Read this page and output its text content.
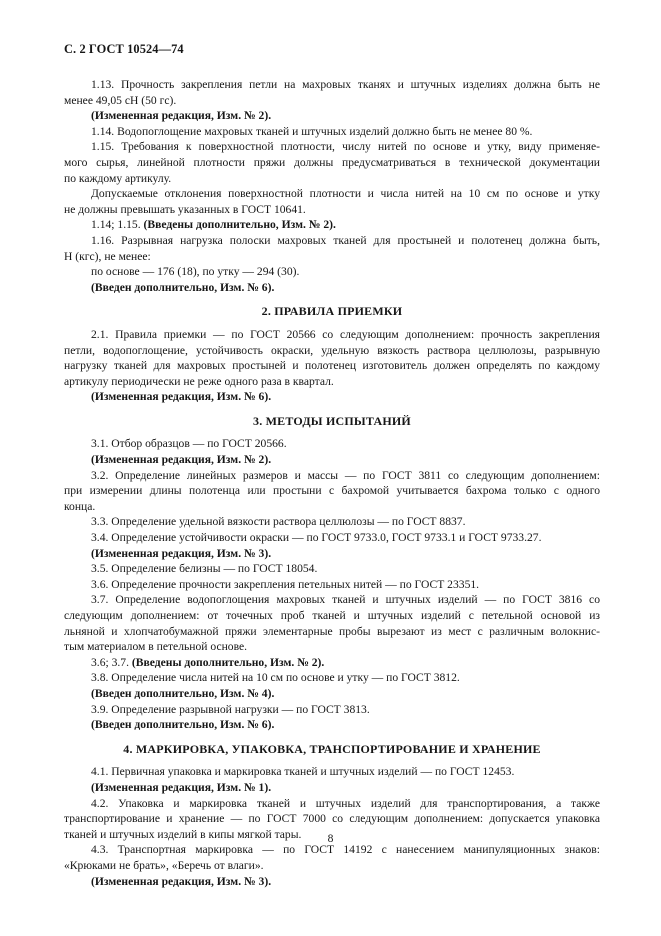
С. 2 ГОСТ 10524—74
1.13. Прочность закрепления петли на махровых тканях и штучных изделиях должна быть не
менее 49,05 сН (50 гс).
(Измененная редакция, Изм. № 2).
1.14. Водопоглощение махровых тканей и штучных изделий должно быть не менее 80 %.
1.15. Требования к поверхностной плотности, числу нитей по основе и утку, виду применяе-
мого сырья, линейной плотности пряжи должны предусматриваться в технической документации
по каждому артикулу.
Допускаемые отклонения поверхностной плотности и числа нитей на 10 см по основе и утку
не должны превышать указанных в ГОСТ 10641.
1.14; 1.15. (Введены дополнительно, Изм. № 2).
1.16. Разрывная нагрузка полоски махровых тканей для простыней и полотенец должна быть,
Н (кгс), не менее:
по основе — 176 (18), по утку — 294 (30).
(Введен дополнительно, Изм. № 6).
2. ПРАВИЛА ПРИЕМКИ
2.1. Правила приемки — по ГОСТ 20566 со следующим дополнением: прочность закрепления
петли, водопоглощение, устойчивость окраски, удельную вязкость раствора целлюлозы, разрывную
нагрузку тканей для махровых простыней и полотенец изготовитель должен определять по каждому
артикулу периодически не реже одного раза в квартал.
(Измененная редакция, Изм. № 6).
3. МЕТОДЫ ИСПЫТАНИЙ
3.1. Отбор образцов — по ГОСТ 20566.
(Измененная редакция, Изм. № 2).
3.2. Определение линейных размеров и массы — по ГОСТ 3811 со следующим дополнением:
при измерении длины полотенца или простыни с бахромой учитывается бахрома только с одного
конца.
3.3. Определение удельной вязкости раствора целлюлозы — по ГОСТ 8837.
3.4. Определение устойчивости окраски — по ГОСТ 9733.0, ГОСТ 9733.1 и ГОСТ 9733.27.
(Измененная редакция, Изм. № 3).
3.5. Определение белизны — по ГОСТ 18054.
3.6. Определение прочности закрепления петельных нитей — по ГОСТ 23351.
3.7. Определение водопоглощения махровых тканей и штучных изделий — по ГОСТ 3816 со
следующим дополнением: от точечных проб тканей и штучных изделий с петельной основой из
льняной и хлопчатобумажной пряжи элементарные пробы вырезают из мест с различным волокнис-
тым материалом в петельной основе.
3.6; 3.7. (Введены дополнительно, Изм. № 2).
3.8. Определение числа нитей на 10 см по основе и утку — по ГОСТ 3812.
(Введен дополнительно, Изм. № 4).
3.9. Определение разрывной нагрузки — по ГОСТ 3813.
(Введен дополнительно, Изм. № 6).
4. МАРКИРОВКА, УПАКОВКА, ТРАНСПОРТИРОВАНИЕ И ХРАНЕНИЕ
4.1. Первичная упаковка и маркировка тканей и штучных изделий — по ГОСТ 12453.
(Измененная редакция, Изм. № 1).
4.2. Упаковка и маркировка тканей и штучных изделий для транспортирования, а также
транспортирование и хранение — по ГОСТ 7000 со следующим дополнением: допускается упаковка
тканей и штучных изделий в кипы мягкой тары.
4.3. Транспортная маркировка — по ГОСТ 14192 с нанесением манипуляционных знаков:
«Крюками не брать», «Беречь от влаги».
(Измененная редакция, Изм. № 3).
8
